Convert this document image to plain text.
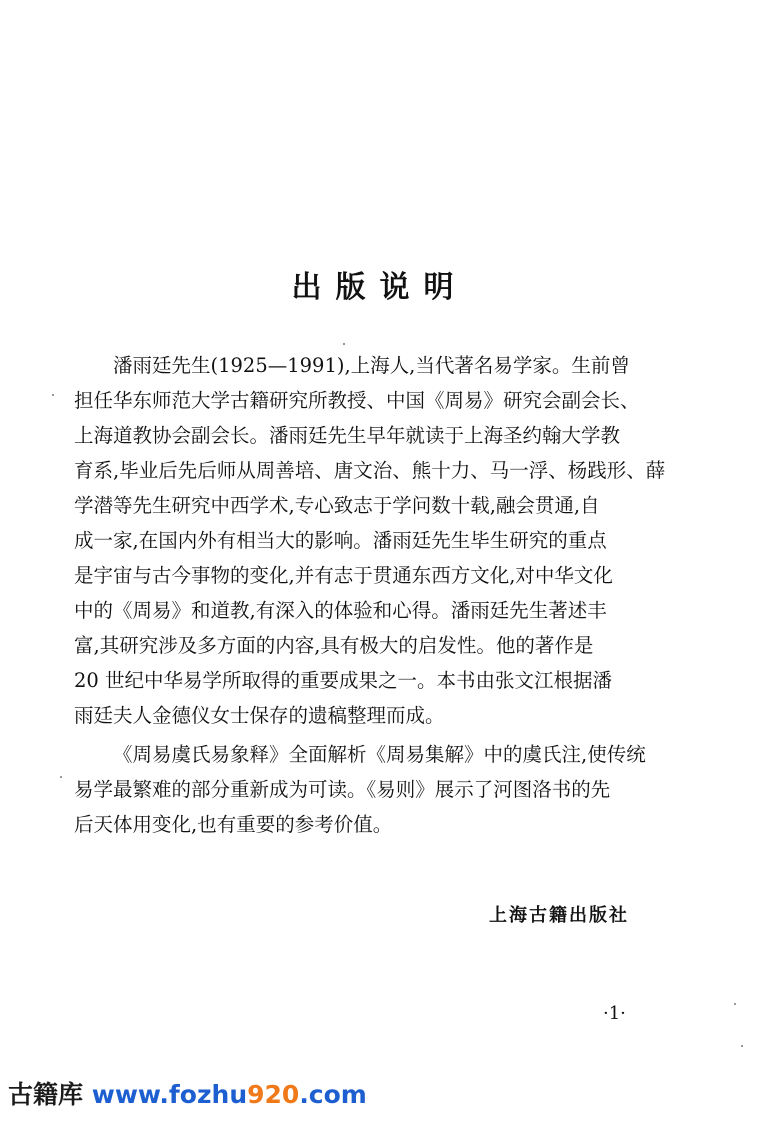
出版说明
潘雨廷先生(1925—1991),上海人,当代著名易学家。生前曾
担任华东师范大学古籍研究所教授、中国《周易》研究会副会长、
上海道教协会副会长。潘雨廷先生早年就读于上海圣约翰大学教
育系,毕业后先后师从周善培、唐文治、熊十力、马一浮、杨践形、薛
学潜等先生研究中西学术,专心致志于学问数十载,融会贯通,自
成一家,在国内外有相当大的影响。潘雨廷先生毕生研究的重点
是宇宙与古今事物的变化,并有志于贯通东西方文化,对中华文化
中的《周易》和道教,有深入的体验和心得。潘雨廷先生著述丰
富,其研究涉及多方面的内容,具有极大的启发性。他的著作是
20 世纪中华易学所取得的重要成果之一。本书由张文江根据潘
雨廷夫人金德仪女士保存的遗稿整理而成。
《周易虞氏易象释》全面解析《周易集解》中的虞氏注,使传统
易学最繁难的部分重新成为可读。《易则》展示了河图洛书的先
后天体用变化,也有重要的参考价值。
上海古籍出版社
·1·
古籍库 www.fozhu920.com
